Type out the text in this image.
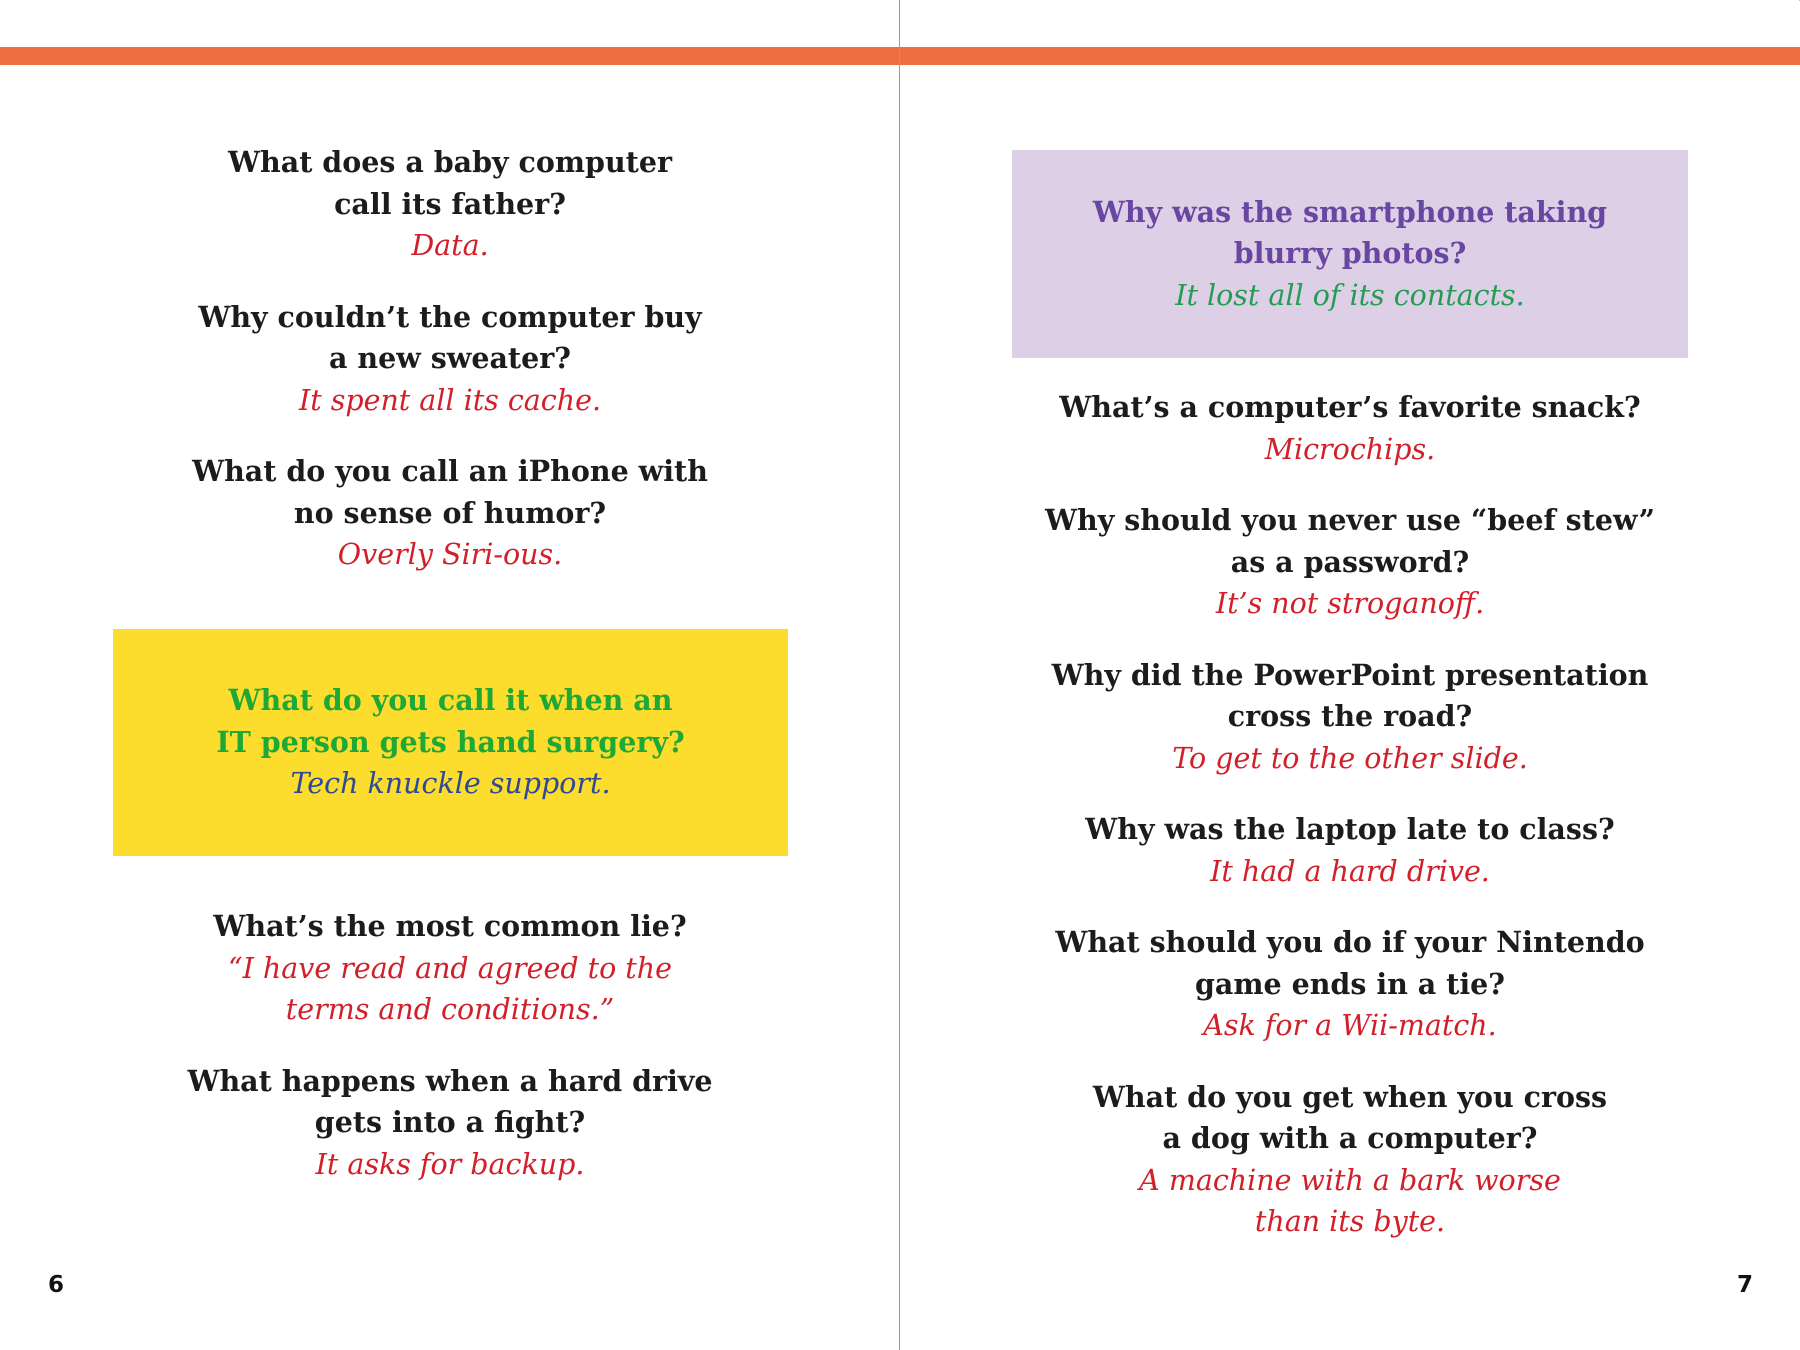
What does a baby computer
call its father?
Data.
Why couldn’t the computer buy
a new sweater?
It spent all its cache.
What do you call an iPhone with
no sense of humor?
Overly Siri-ous.
What do you call it when an
IT person gets hand surgery?
Tech knuckle support.
What’s the most common lie?
“I have read and agreed to the
terms and conditions.”
What happens when a hard drive
gets into a fight?
It asks for backup.
6
Why was the smartphone taking
blurry photos?
It lost all of its contacts.
What’s a computer’s favorite snack?
Microchips.
Why should you never use “beef stew”
as a password?
It’s not stroganoff.
Why did the PowerPoint presentation
cross the road?
To get to the other slide.
Why was the laptop late to class?
It had a hard drive.
What should you do if your Nintendo
game ends in a tie?
Ask for a Wii-match.
What do you get when you cross
a dog with a computer?
A machine with a bark worse
than its byte.
7
